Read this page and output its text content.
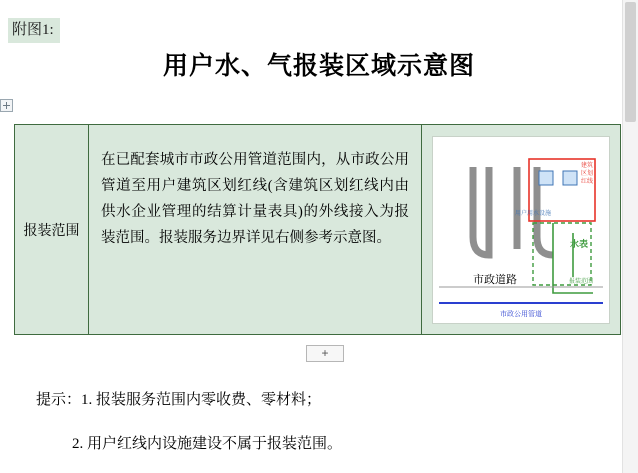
附图1:
用户水、气报装区域示意图
报装范围
在已配套城市市政公用管道范围内，从市政公用管道至用户建筑区划红线(含建筑区划红线内由供水企业管理的结算计量表具)的外线接入为报装范围。报装服务边界详见右侧参考示意图。
建筑
区划
红线
用户用水设施
水表
报装范围
市政道路
市政公用管道
+
提示：1. 报装服务范围内零收费、零材料；
2. 用户红线内设施建设不属于报装范围。
